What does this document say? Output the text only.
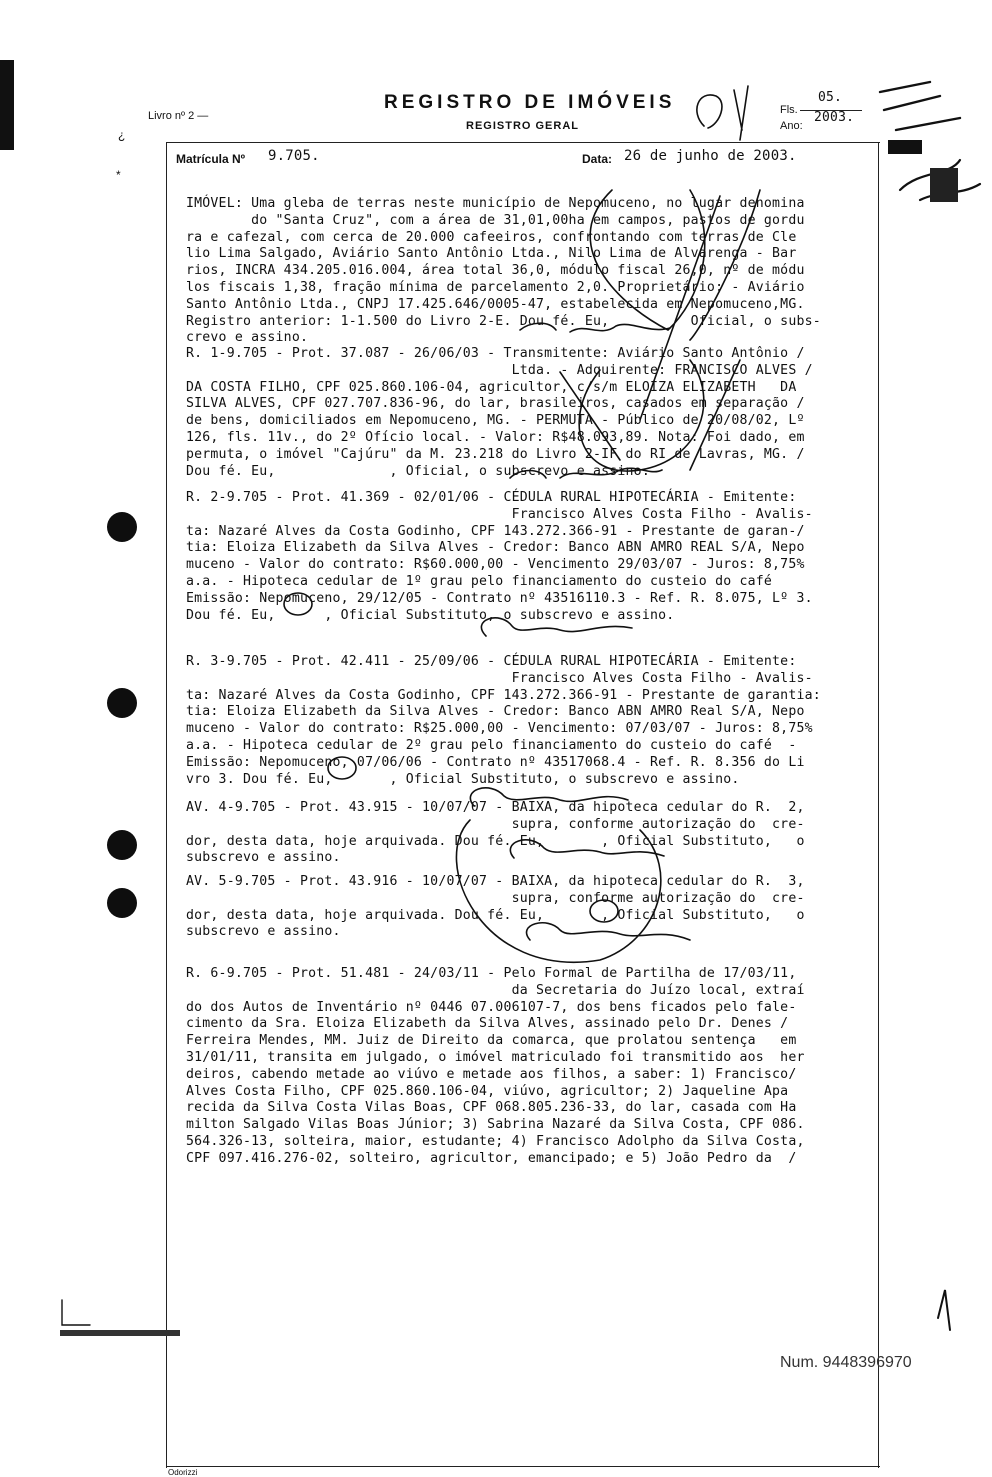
¿
*
Livro nº 2 —
REGISTRO DE IMÓVEIS
REGISTRO GERAL
Fls.
05.
Ano:
2003.
Matrícula Nº 9.705.	Data: 26 de junho de 2003.
IMÓVEL: Uma gleba de terras neste município de Nepomuceno, no lugar denomina
do "Santa Cruz", com a área de 31,01,00ha em campos, pastos de gordu
ra e cafezal, com cerca de 20.000 cafeeiros, confrontando com terras de Cle
lio Lima Salgado, Aviário Santo Antônio Ltda., Nilo Lima de Alvarenga - Bar
rios, INCRA 434.205.016.004, área total 36,0, módulo fiscal 26,0, nº de módu
los fiscais 1,38, fração mínima de parcelamento 2,0. Proprietário: - Aviário
Santo Antônio Ltda., CNPJ 17.425.646/0005-47, estabelecida em Nepomuceno,MG.
Registro anterior: 1-1.500 do Livro 2-E. Dou fé. Eu,          Oficial, o subs-
crevo e assino.
R. 1-9.705 - Prot. 37.087 - 26/06/03 - Transmitente: Aviário Santo Antônio /
Ltda. - Adquirente: FRANCISCO ALVES /
DA COSTA FILHO, CPF 025.860.106-04, agricultor, c/s/m ELOIZA ELIZABETH   DA
SILVA ALVES, CPF 027.707.836-96, do lar, brasileiros, casados em separação /
de bens, domiciliados em Nepomuceno, MG. - PERMUTA - Público de 20/08/02, Lº
126, fls. 11v., do 2º Ofício local. - Valor: R$48.093,89. Nota: Foi dado, em
permuta, o imóvel "Cajúru" da M. 23.218 do Livro 2-IF do RI de Lavras, MG. /
Dou fé. Eu,              , Oficial, o subscrevo e assino.
R. 2-9.705 - Prot. 41.369 - 02/01/06 - CÉDULA RURAL HIPOTECÁRIA - Emitente:
Francisco Alves Costa Filho - Avalis-
ta: Nazaré Alves da Costa Godinho, CPF 143.272.366-91 - Prestante de garan-/
tia: Eloiza Elizabeth da Silva Alves - Credor: Banco ABN AMRO REAL S/A, Nepo
muceno - Valor do contrato: R$60.000,00 - Vencimento 29/03/07 - Juros: 8,75%
a.a. - Hipoteca cedular de 1º grau pelo financiamento do custeio do café
Emissão: Nepomuceno, 29/12/05 - Contrato nº 43516110.3 - Ref. R. 8.075, Lº 3.
Dou fé. Eu,      , Oficial Substituto, o subscrevo e assino.
R. 3-9.705 - Prot. 42.411 - 25/09/06 - CÉDULA RURAL HIPOTECÁRIA - Emitente:
Francisco Alves Costa Filho - Avalis-
ta: Nazaré Alves da Costa Godinho, CPF 143.272.366-91 - Prestante de garantia:
tia: Eloiza Elizabeth da Silva Alves - Credor: Banco ABN AMRO Real S/A, Nepo
muceno - Valor do contrato: R$25.000,00 - Vencimento: 07/03/07 - Juros: 8,75%
a.a. - Hipoteca cedular de 2º grau pelo financiamento do custeio do café  -
Emissão: Nepomuceno, 07/06/06 - Contrato nº 43517068.4 - Ref. R. 8.356 do Li
vro 3. Dou fé. Eu,       , Oficial Substituto, o subscrevo e assino.
AV. 4-9.705 - Prot. 43.915 - 10/07/07 - BAIXA, da hipoteca cedular do R.  2,
supra, conforme autorização do  cre-
dor, desta data, hoje arquivada. Dou fé. Eu,       , Oficial Substituto,   o
subscrevo e assino.
AV. 5-9.705 - Prot. 43.916 - 10/07/07 - BAIXA, da hipoteca cedular do R.  3,
supra, conforme autorização do  cre-
dor, desta data, hoje arquivada. Dou fé. Eu,       , Oficial Substituto,   o
subscrevo e assino.
R. 6-9.705 - Prot. 51.481 - 24/03/11 - Pelo Formal de Partilha de 17/03/11,
da Secretaria do Juízo local, extraí
do dos Autos de Inventário nº 0446 07.006107-7, dos bens ficados pelo fale-
cimento da Sra. Eloiza Elizabeth da Silva Alves, assinado pelo Dr. Denes /
Ferreira Mendes, MM. Juiz de Direito da comarca, que prolatou sentença   em
31/01/11, transita em julgado, o imóvel matriculado foi transmitido aos  her
deiros, cabendo metade ao viúvo e metade aos filhos, a saber: 1) Francisco/
Alves Costa Filho, CPF 025.860.106-04, viúvo, agricultor; 2) Jaqueline Apa
recida da Silva Costa Vilas Boas, CPF 068.805.236-33, do lar, casada com Ha
milton Salgado Vilas Boas Júnior; 3) Sabrina Nazaré da Silva Costa, CPF 086.
564.326-13, solteira, maior, estudante; 4) Francisco Adolpho da Silva Costa,
CPF 097.416.276-02, solteiro, agricultor, emancipado; e 5) João Pedro da  /
Odorizzi
Num. 9448396970
